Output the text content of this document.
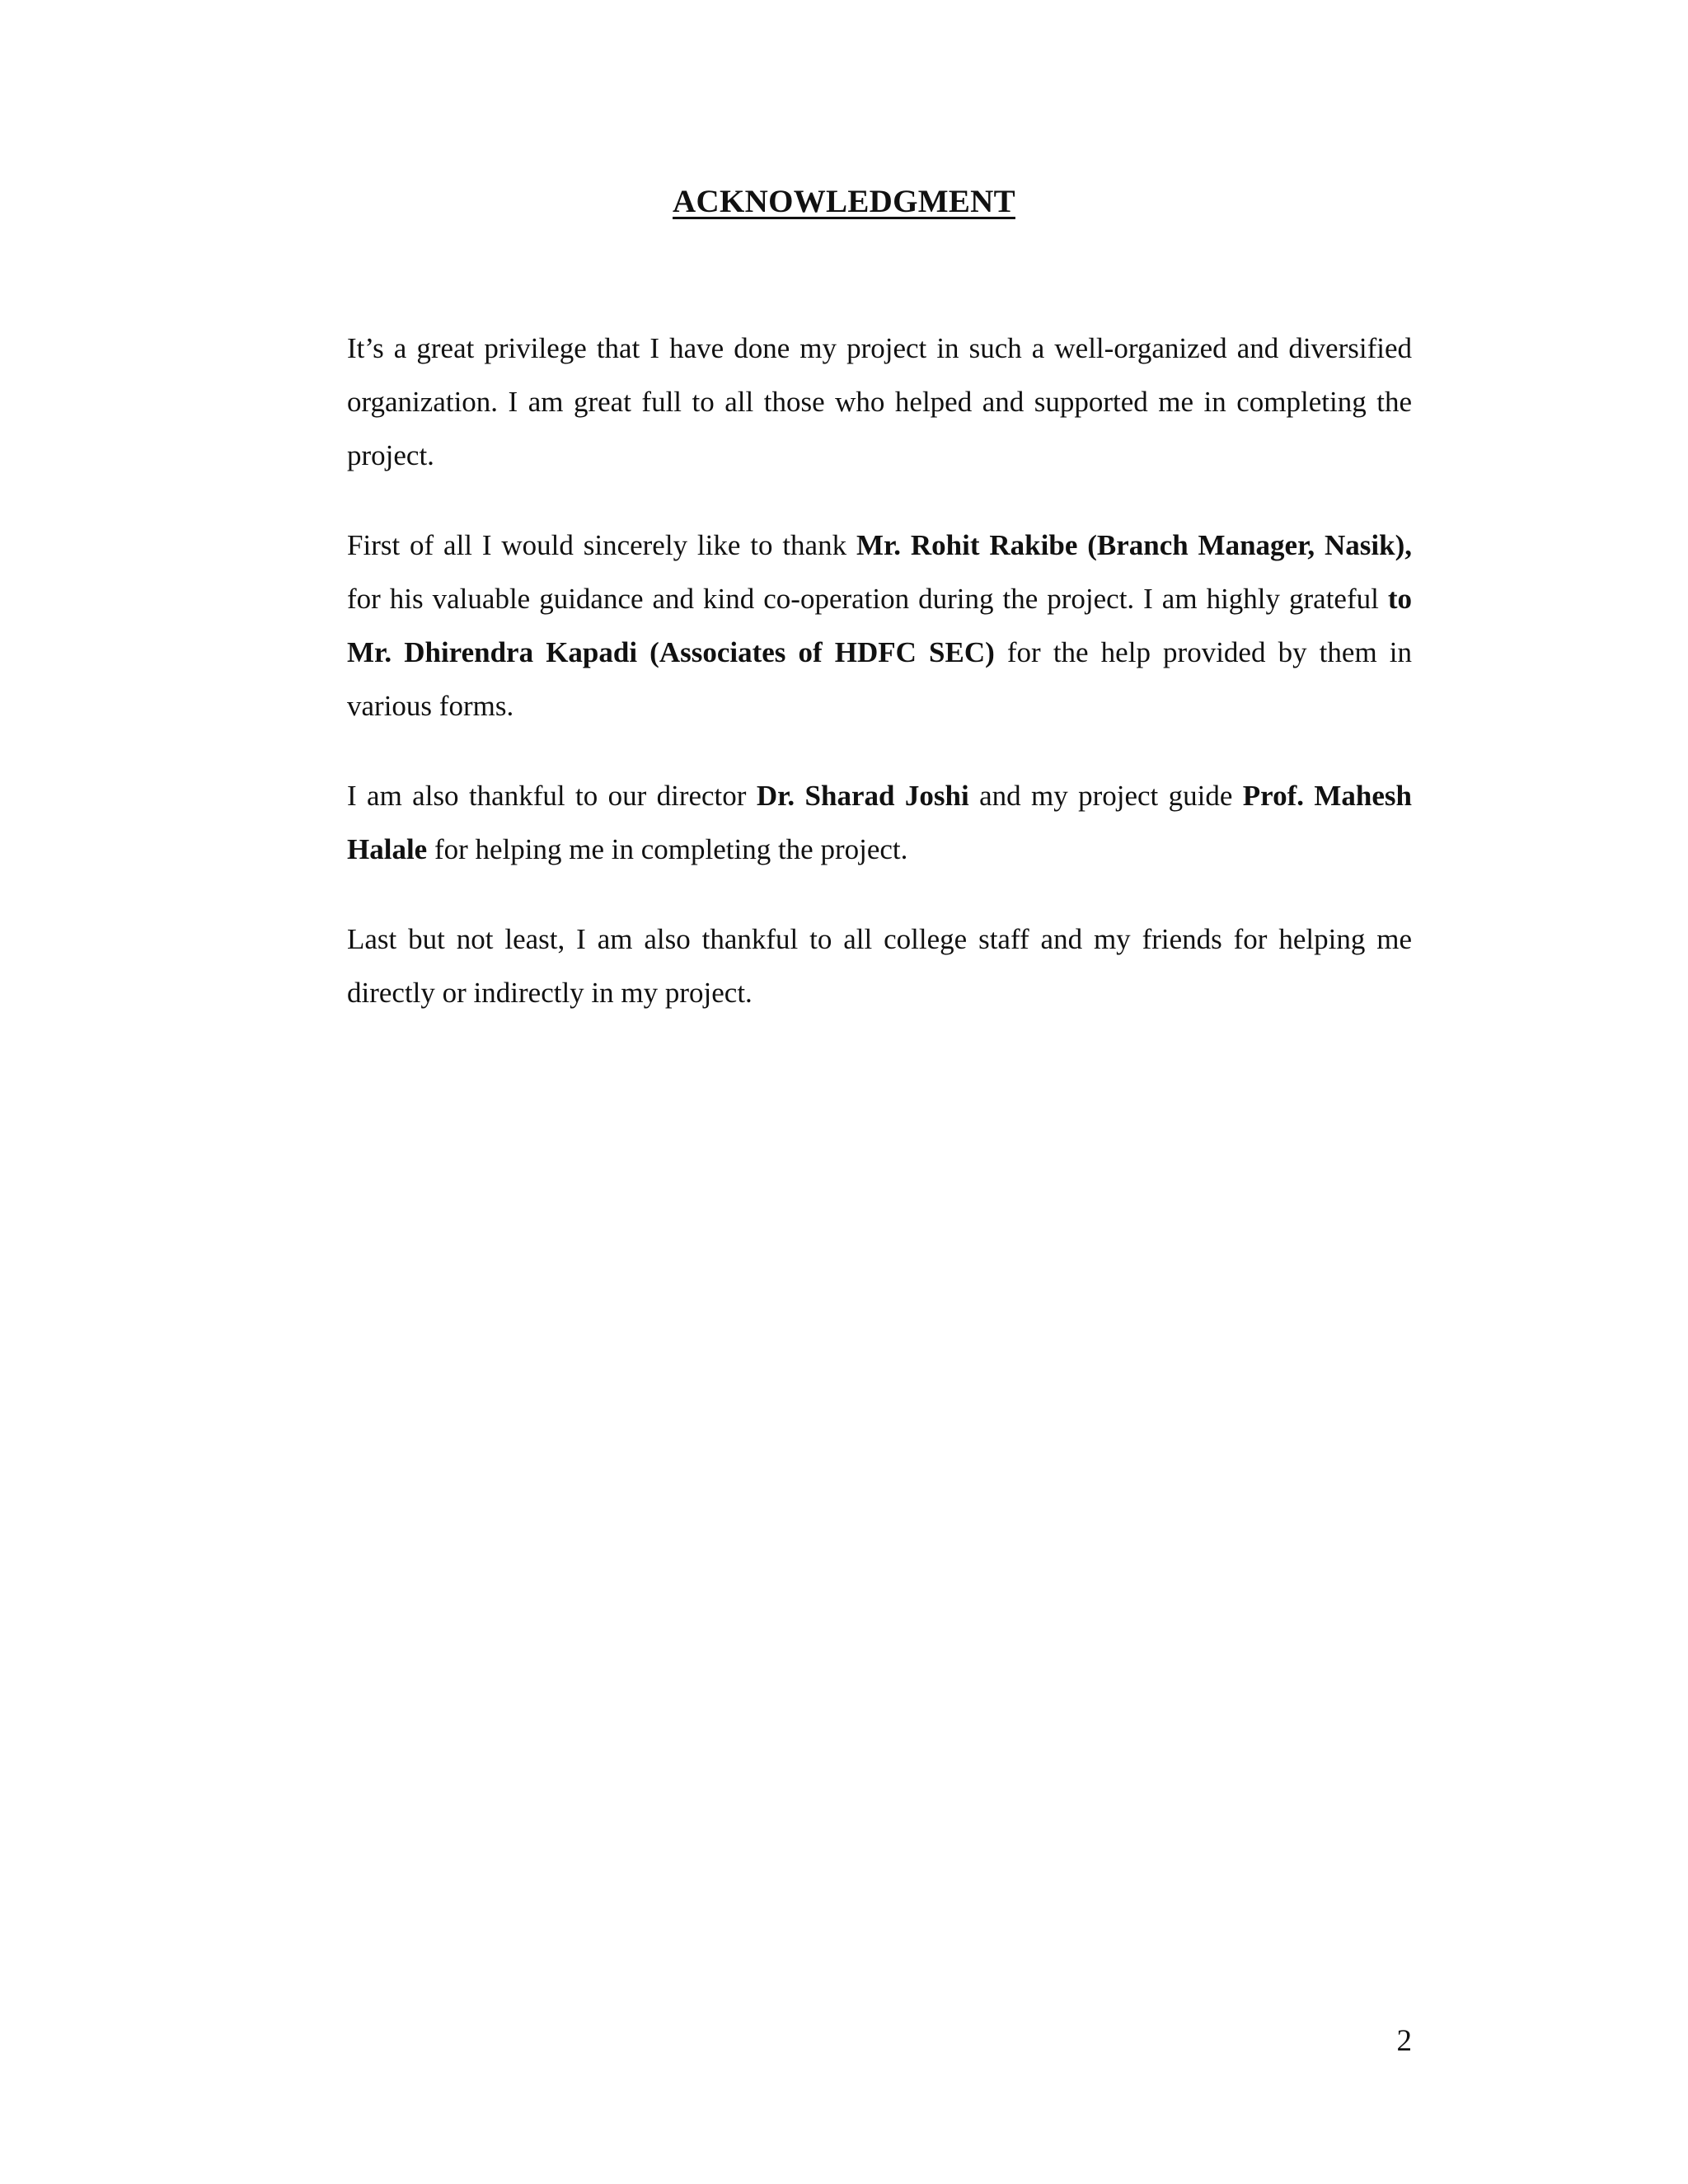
ACKNOWLEDGMENT

It’s a great privilege that I have done my project in such a well-organized and diversified organization. I am great full to all those who helped and supported me in completing the project.

First of all I would sincerely like to thank Mr. Rohit Rakibe (Branch Manager, Nasik), for his valuable guidance and kind co-operation during the project. I am highly grateful to Mr. Dhirendra Kapadi (Associates of HDFC SEC) for the help provided by them in various forms.

I am also thankful to our director Dr. Sharad Joshi and my project guide Prof. Mahesh Halale for helping me in completing the project.

Last but not least, I am also thankful to all college staff and my friends for helping me directly or indirectly in my project.

2
